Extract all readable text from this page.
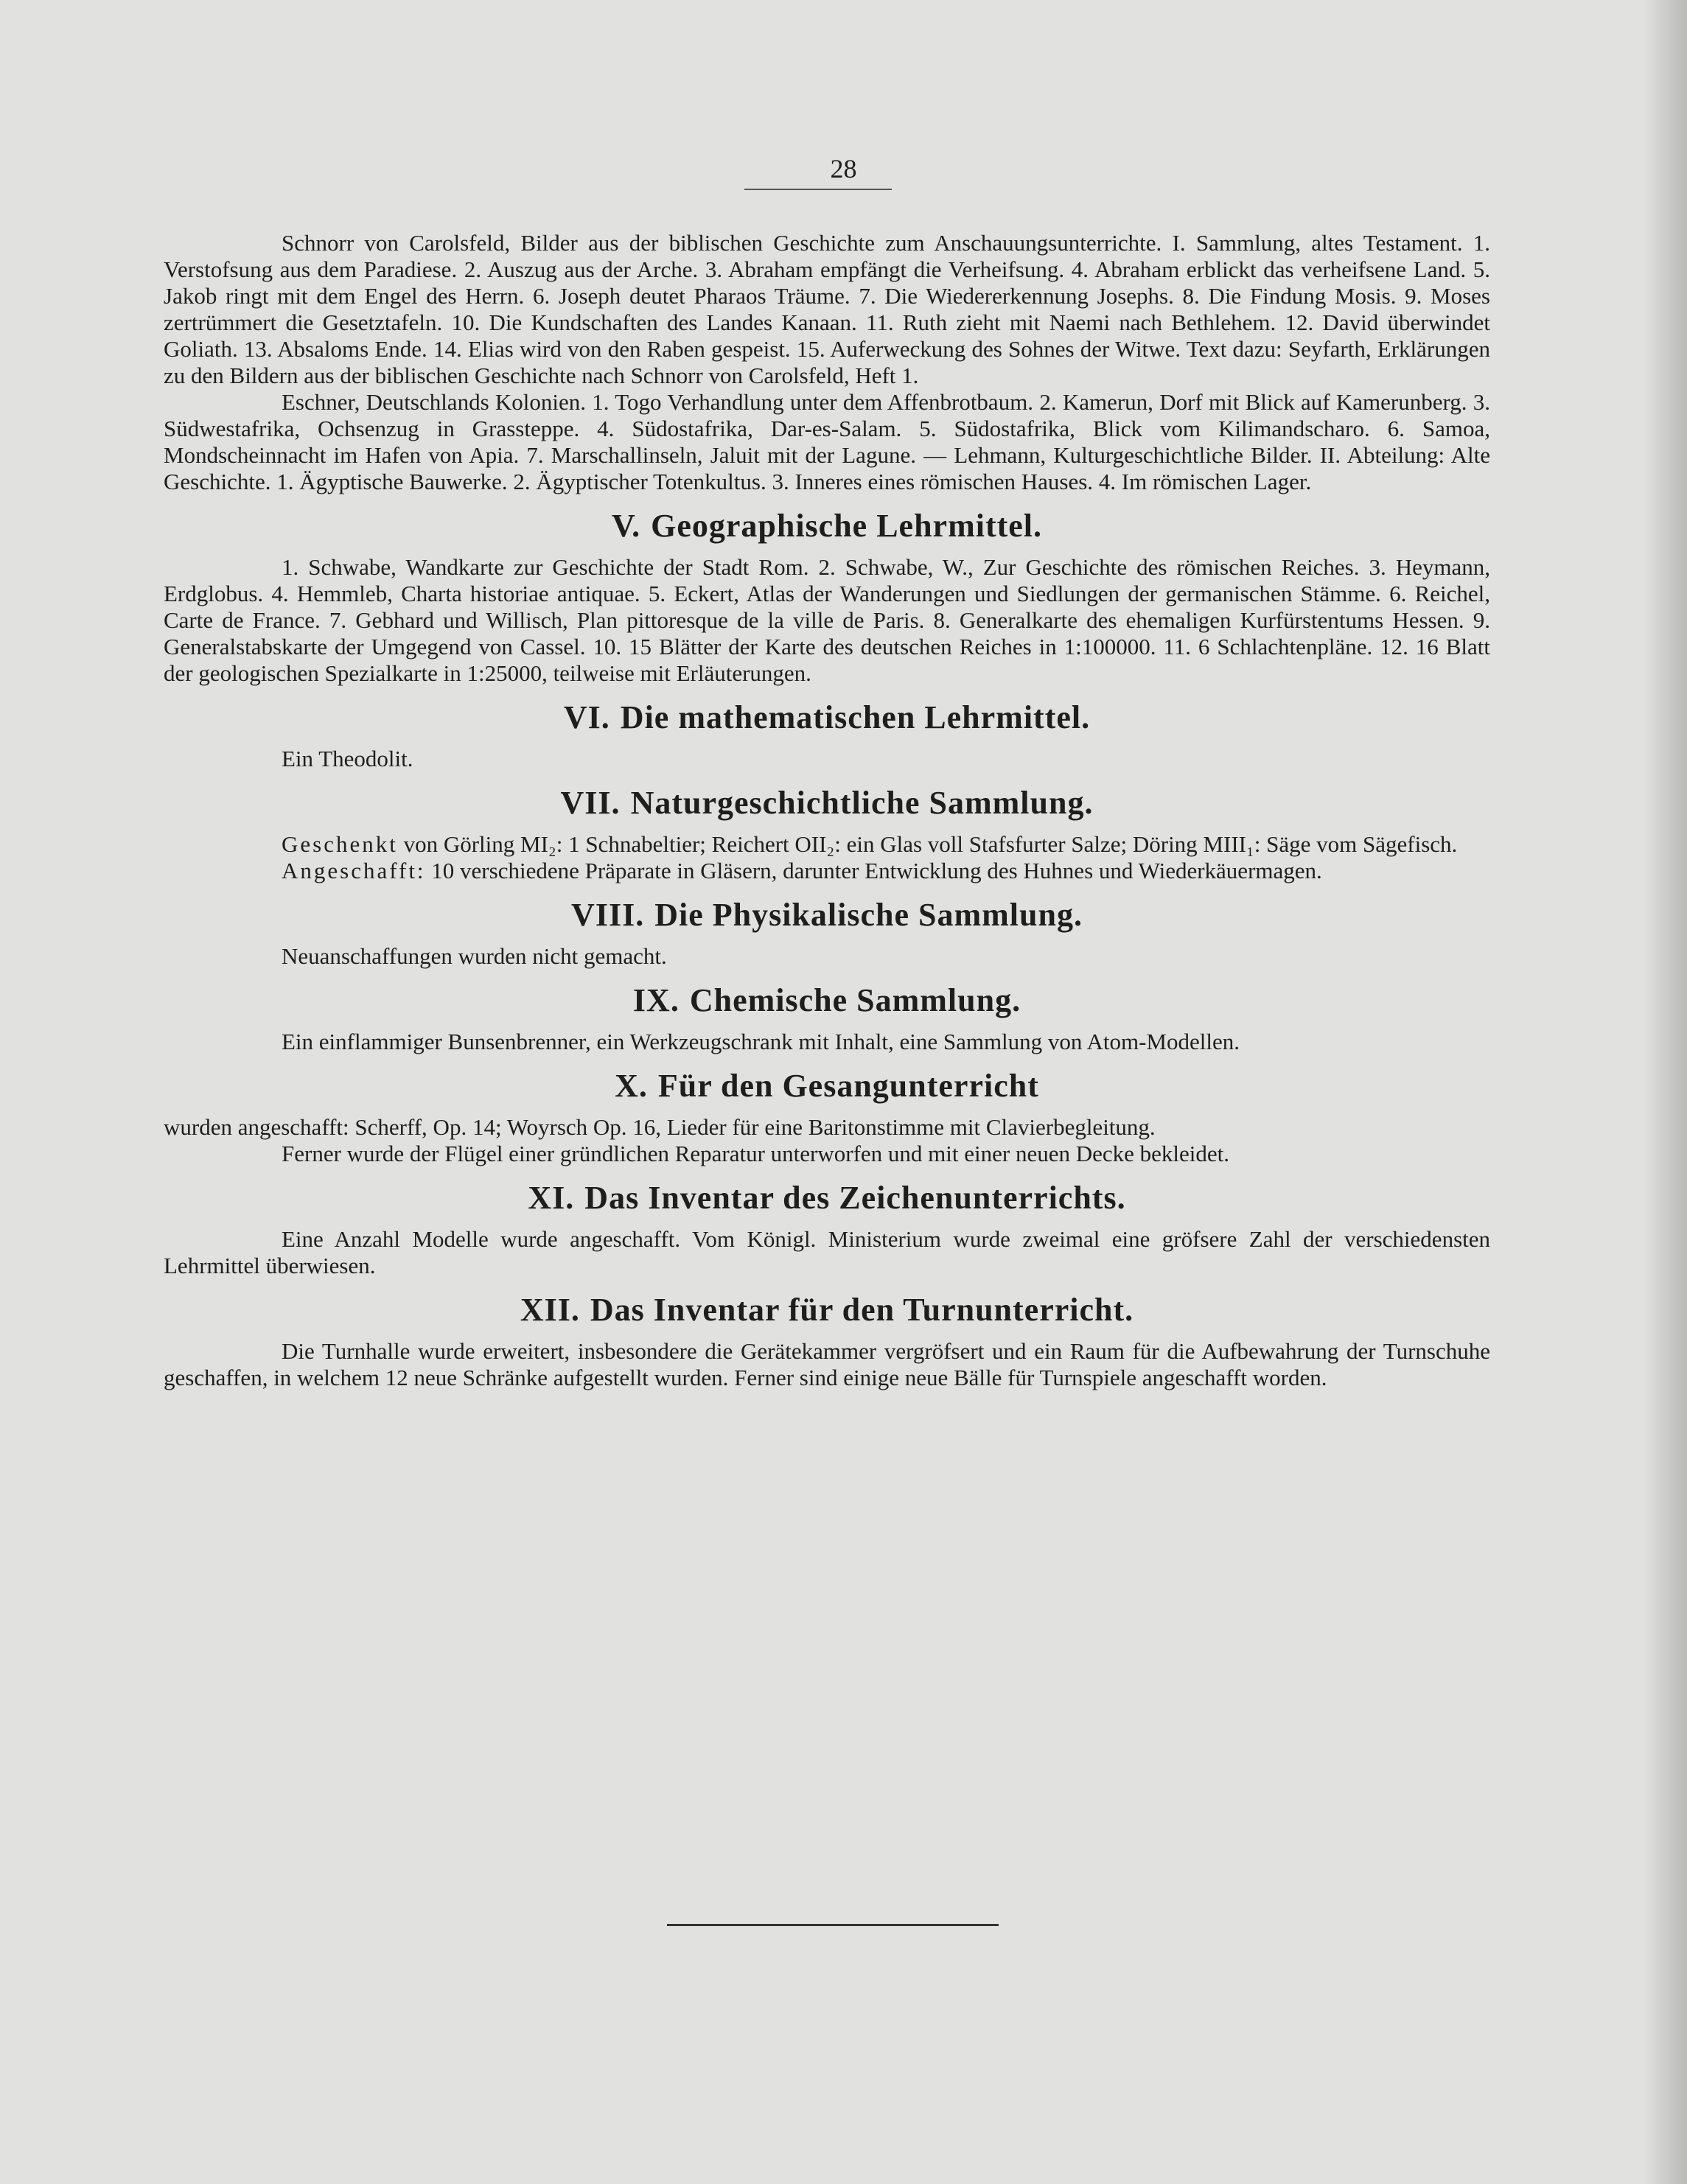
28

Schnorr von Carolsfeld, Bilder aus der biblischen Geschichte zum Anschauungsunterrichte. I. Sammlung, altes Testament. 1. Verstofsung aus dem Paradiese. 2. Auszug aus der Arche. 3. Abraham empfängt die Verheifsung. 4. Abraham erblickt das verheifsene Land. 5. Jakob ringt mit dem Engel des Herrn. 6. Joseph deutet Pharaos Träume. 7. Die Wiedererkennung Josephs. 8. Die Findung Mosis. 9. Moses zertrümmert die Gesetztafeln. 10. Die Kundschaften des Landes Kanaan. 11. Ruth zieht mit Naemi nach Bethlehem. 12. David überwindet Goliath. 13. Absaloms Ende. 14. Elias wird von den Raben gespeist. 15. Auferweckung des Sohnes der Witwe. Text dazu: Seyfarth, Erklärungen zu den Bildern aus der biblischen Geschichte nach Schnorr von Carolsfeld, Heft 1.

Eschner, Deutschlands Kolonien. 1. Togo Verhandlung unter dem Affenbrotbaum. 2. Kamerun, Dorf mit Blick auf Kamerunberg. 3. Südwestafrika, Ochsenzug in Grassteppe. 4. Südostafrika, Dar-es-Salam. 5. Südostafrika, Blick vom Kilimandscharo. 6. Samoa, Mondscheinnacht im Hafen von Apia. 7. Marschallinseln, Jaluit mit der Lagune. — Lehmann, Kulturgeschichtliche Bilder. II. Abteilung: Alte Geschichte. 1. Ägyptische Bauwerke. 2. Ägyptischer Totenkultus. 3. Inneres eines römischen Hauses. 4. Im römischen Lager.

V. Geographische Lehrmittel.

1. Schwabe, Wandkarte zur Geschichte der Stadt Rom. 2. Schwabe, W., Zur Geschichte des römischen Reiches. 3. Heymann, Erdglobus. 4. Hemmleb, Charta historiae antiquae. 5. Eckert, Atlas der Wanderungen und Siedlungen der germanischen Stämme. 6. Reichel, Carte de France. 7. Gebhard und Willisch, Plan pittoresque de la ville de Paris. 8. Generalkarte des ehemaligen Kurfürstentums Hessen. 9. Generalstabskarte der Umgegend von Cassel. 10. 15 Blätter der Karte des deutschen Reiches in 1:100000. 11. 6 Schlachtenpläne. 12. 16 Blatt der geologischen Spezialkarte in 1:25000, teilweise mit Erläuterungen.

VI. Die mathematischen Lehrmittel.

Ein Theodolit.

VII. Naturgeschichtliche Sammlung.

Geschenkt von Görling MI₂: 1 Schnabeltier; Reichert OII₂: ein Glas voll Stafsfurter Salze; Döring MIII₁: Säge vom Sägefisch.

Angeschafft: 10 verschiedene Präparate in Gläsern, darunter Entwicklung des Huhnes und Wiederkäuermagen.

VIII. Die Physikalische Sammlung.

Neuanschaffungen wurden nicht gemacht.

IX. Chemische Sammlung.

Ein einflammiger Bunsenbrenner, ein Werkzeugschrank mit Inhalt, eine Sammlung von Atom-Modellen.

X. Für den Gesangunterricht

wurden angeschafft: Scherff, Op. 14; Woyrsch Op. 16, Lieder für eine Baritonstimme mit Clavierbegleitung.

Ferner wurde der Flügel einer gründlichen Reparatur unterworfen und mit einer neuen Decke bekleidet.

XI. Das Inventar des Zeichenunterrichts.

Eine Anzahl Modelle wurde angeschafft. Vom Königl. Ministerium wurde zweimal eine gröfsere Zahl der verschiedensten Lehrmittel überwiesen.

XII. Das Inventar für den Turnunterricht.

Die Turnhalle wurde erweitert, insbesondere die Gerätekammer vergröfsert und ein Raum für die Aufbewahrung der Turnschuhe geschaffen, in welchem 12 neue Schränke aufgestellt wurden. Ferner sind einige neue Bälle für Turnspiele angeschafft worden.
